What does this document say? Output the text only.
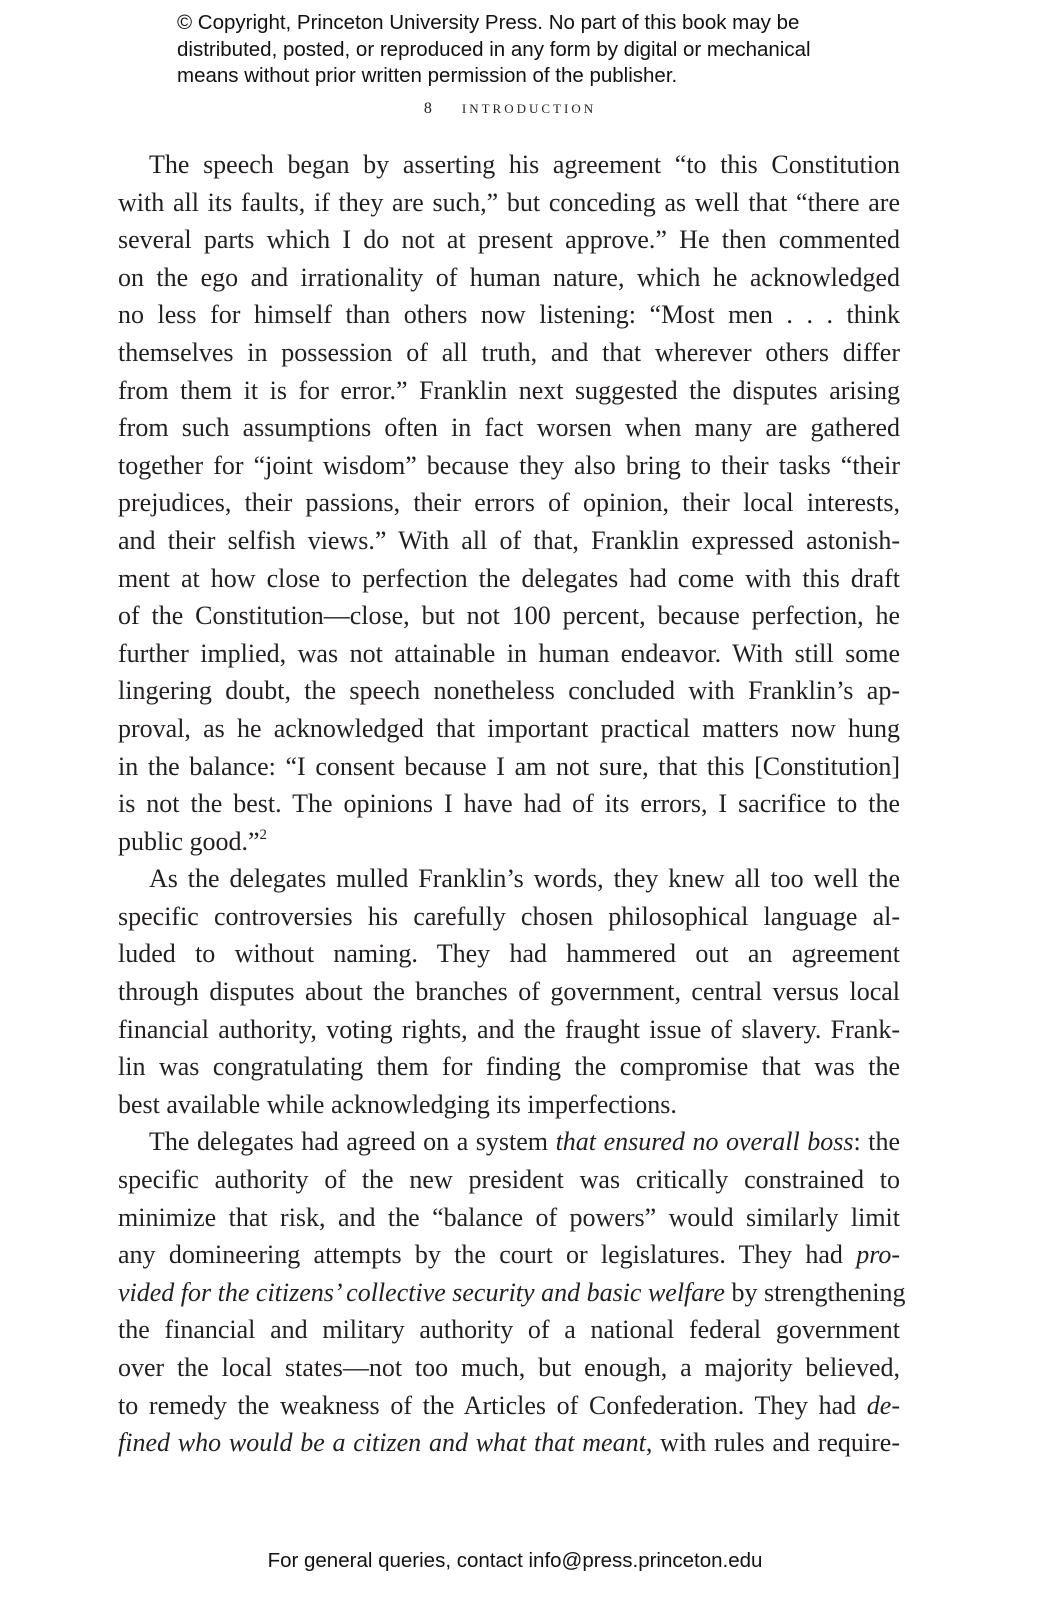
© Copyright, Princeton University Press. No part of this book may be
distributed, posted, or reproduced in any form by digital or mechanical
means without prior written permission of the publisher.
8 introduction
The speech began by asserting his agreement “to this Constitution
with all its faults, if they are such,” but conceding as well that “there are
several parts which I do not at present approve.” He then commented
on the ego and irrationality of human nature, which he acknowledged
no less for himself than others now listening: “Most men . . . think
themselves in possession of all truth, and that wherever others differ
from them it is for error.” Franklin next suggested the disputes arising
from such assumptions often in fact worsen when many are gathered
together for “joint wisdom” because they also bring to their tasks “their
prejudices, their passions, their errors of opinion, their local interests,
and their selfish views.” With all of that, Franklin expressed astonish-
ment at how close to perfection the delegates had come with this draft
of the Constitution—close, but not 100 percent, because perfection, he
further implied, was not attainable in human endeavor. With still some
lingering doubt, the speech nonetheless concluded with Franklin’s ap-
proval, as he acknowledged that important practical matters now hung
in the balance: “I consent because I am not sure, that this [Constitution]
is not the best. The opinions I have had of its errors, I sacrifice to the
public good.”$^2$
As the delegates mulled Franklin’s words, they knew all too well the
specific controversies his carefully chosen philosophical language al-
luded to without naming. They had hammered out an agreement
through disputes about the branches of government, central versus local
financial authority, voting rights, and the fraught issue of slavery. Frank-
lin was congratulating them for finding the compromise that was the
best available while acknowledging its imperfections.
The delegates had agreed on a system that ensured no overall boss: the
specific authority of the new president was critically constrained to
minimize that risk, and the “balance of powers” would similarly limit
any domineering attempts by the court or legislatures. They had pro-
vided for the citizens’ collective security and basic welfare by strengthening
the financial and military authority of a national federal government
over the local states—not too much, but enough, a majority believed,
to remedy the weakness of the Articles of Confederation. They had de-
fined who would be a citizen and what that meant, with rules and require-
For general queries, contact info@press.princeton.edu
